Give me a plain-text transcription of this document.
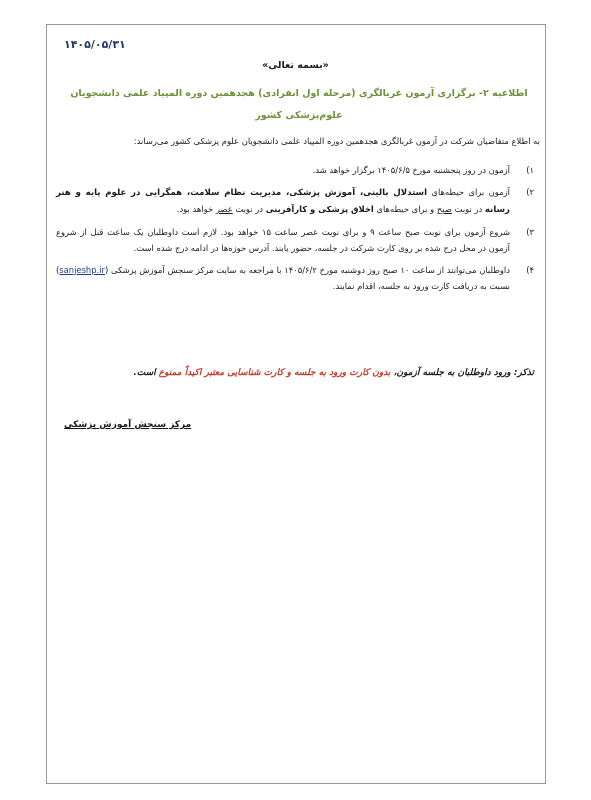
۱۴۰۵/۰۵/۳۱
«بسمه تعالی»
اطلاعیه ۲- برگزاری آزمون غربالگری (مرحله اول انفرادی) هجدهمین دوره المپیاد علمی دانشجویان علوم‌پزشکی کشور
به اطلاع متقاضیان شرکت در آزمون غربالگری هجدهمین دوره المپیاد علمی دانشجویان علوم پزشکی کشور می‌رساند:
۱)
آزمون در روز پنجشنبه مورخ ۱۴۰۵/۶/۵ برگزار خواهد شد.
۲)
آزمون برای حیطه‌های استدلال بالینی، آموزش پزشکی، مدیریت نظام سلامت، همگرایی در علوم پایه و هنر رسانه در نوبت صبح و برای حیطه‌های اخلاق پزشکی و کارآفرینی در نوبت عصر خواهد بود.
۳)
شروع آزمون برای نوبت صبح ساعت ۹ و برای نوبت عصر ساعت ۱۵ خواهد بود. لازم است داوطلبان یک ساعت قبل از شروع آزمون در محل درج شده بر روی کارت شرکت در جلسه، حضور یابند. آدرس حوزه‌ها در ادامه درج شده است.
۴)
داوطلبان می‌توانند از ساعت ۱۰ صبح روز دوشنبه مورخ ۱۴۰۵/۶/۲ با مراجعه به سایت مرکز سنجش آموزش پزشکی (sanjeshp.ir) نسبت به دریافت کارت ورود به جلسه، اقدام نمایند.
تذکر: ورود داوطلبان به جلسه آزمون، بدون کارت ورود به جلسه و کارت شناسایی معتبر اکیداً ممنوع است.
مرکز سنجش آموزش پزشکی
